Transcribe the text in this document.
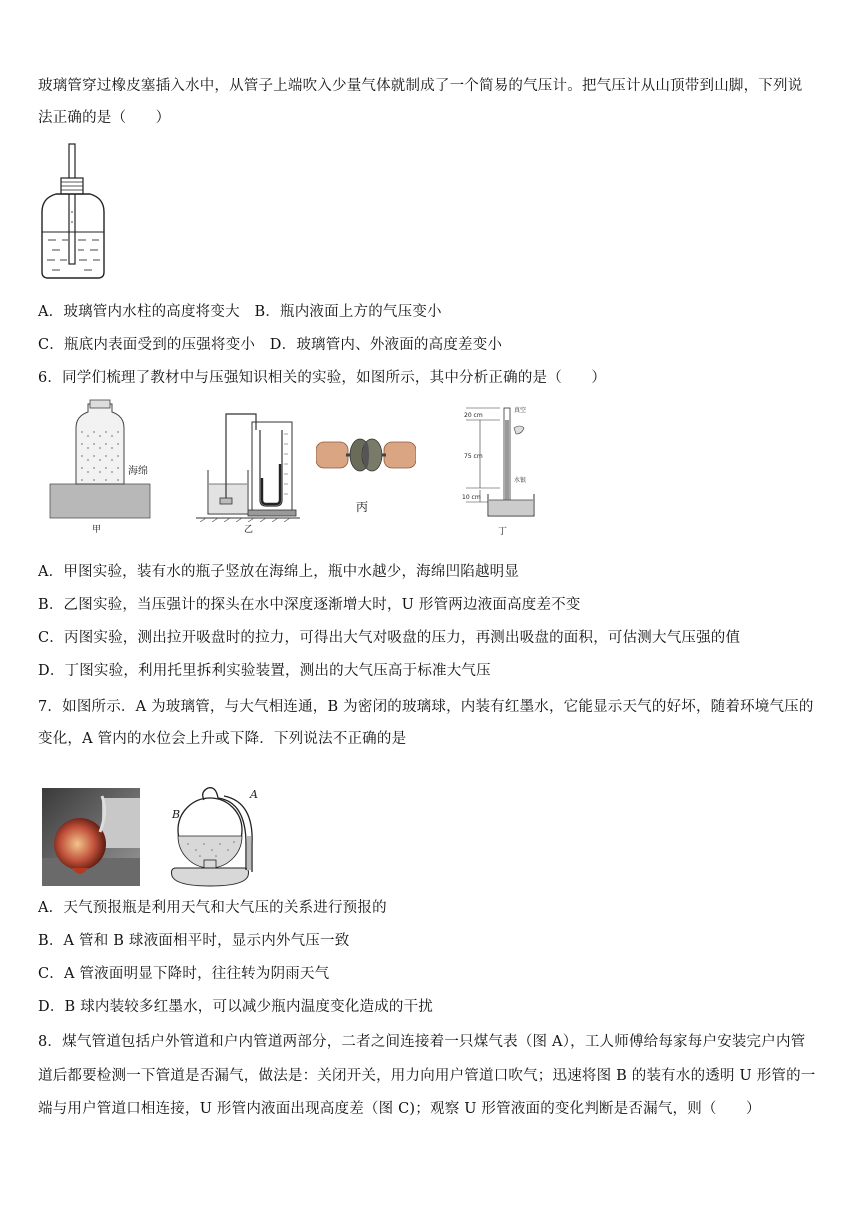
玻璃管穿过橡皮塞插入水中，从管子上端吹入少量气体就制成了一个简易的气压计。把气压计从山顶带到山脚，下列说
法正确的是（　　）
A．玻璃管内水柱的高度将变大　B．瓶内液面上方的气压变小
C．瓶底内表面受到的压强将变小　D．玻璃管内、外液面的高度差变小
6．同学们梳理了教材中与压强知识相关的实验，如图所示，其中分析正确的是（　　）
海绵
甲	乙
丙
20 cm
75 cm
10 cm
真空
水银
丁
A．甲图实验，装有水的瓶子竖放在海绵上，瓶中水越少，海绵凹陷越明显
B．乙图实验，当压强计的探头在水中深度逐渐增大时，U 形管两边液面高度差不变
C．丙图实验，测出拉开吸盘时的拉力，可得出大气对吸盘的压力，再测出吸盘的面积，可估测大气压强的值
D．丁图实验，利用托里拆利实验装置，测出的大气压高于标准大气压
7．如图所示．A 为玻璃管，与大气相连通，B 为密闭的玻璃球，内装有红墨水，它能显示天气的好坏，随着环境气压的
变化，A 管内的水位会上升或下降．下列说法不正确的是
B
A
A．天气预报瓶是利用天气和大气压的关系进行预报的
B．A 管和 B 球液面相平时，显示内外气压一致
C．A 管液面明显下降时，往往转为阴雨天气
D．B 球内装较多红墨水，可以减少瓶内温度变化造成的干扰
8．煤气管道包括户外管道和户内管道两部分，二者之间连接着一只煤气表（图 A），工人师傅给每家每户安装完户内管
道后都要检测一下管道是否漏气，做法是：关闭开关，用力向用户管道口吹气；迅速将图 B 的装有水的透明 U 形管的一
端与用户管道口相连接，U 形管内液面出现高度差（图 C)；观察 U 形管液面的变化判断是否漏气，则（　　）
